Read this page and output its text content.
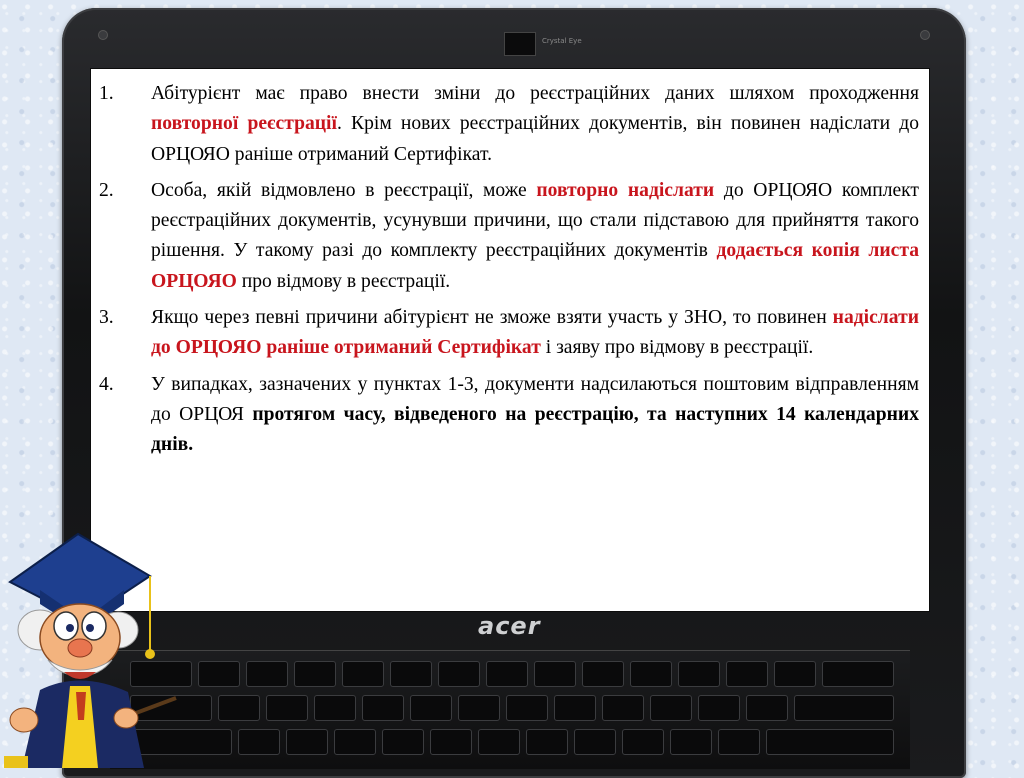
Crystal Eye
1.	Абітурієнт має право внести зміни до реєстраційних даних шляхом проходження повторної реєстрації. Крім нових реєстраційних документів, він повинен надіслати до ОРЦОЯО раніше отриманий Сертифікат.
2.	Особа, якій відмовлено в реєстрації, може повторно надіслати до ОРЦОЯО комплект реєстраційних документів, усунувши причини, що стали підставою для прийняття такого рішення. У такому разі до комплекту реєстраційних документів додається копія листа ОРЦОЯО про відмову в реєстрації.
3.	Якщо через певні причини абітурієнт не зможе взяти участь у ЗНО, то повинен надіслати до ОРЦОЯО раніше отриманий Сертифікат і заяву про відмову в реєстрації.
4.	У випадках, зазначених у пунктах 1-3, документи надсилаються поштовим відправленням до ОРЦОЯ протягом часу, відведеного на реєстрацію, та наступних 14 календарних днів.
acer
